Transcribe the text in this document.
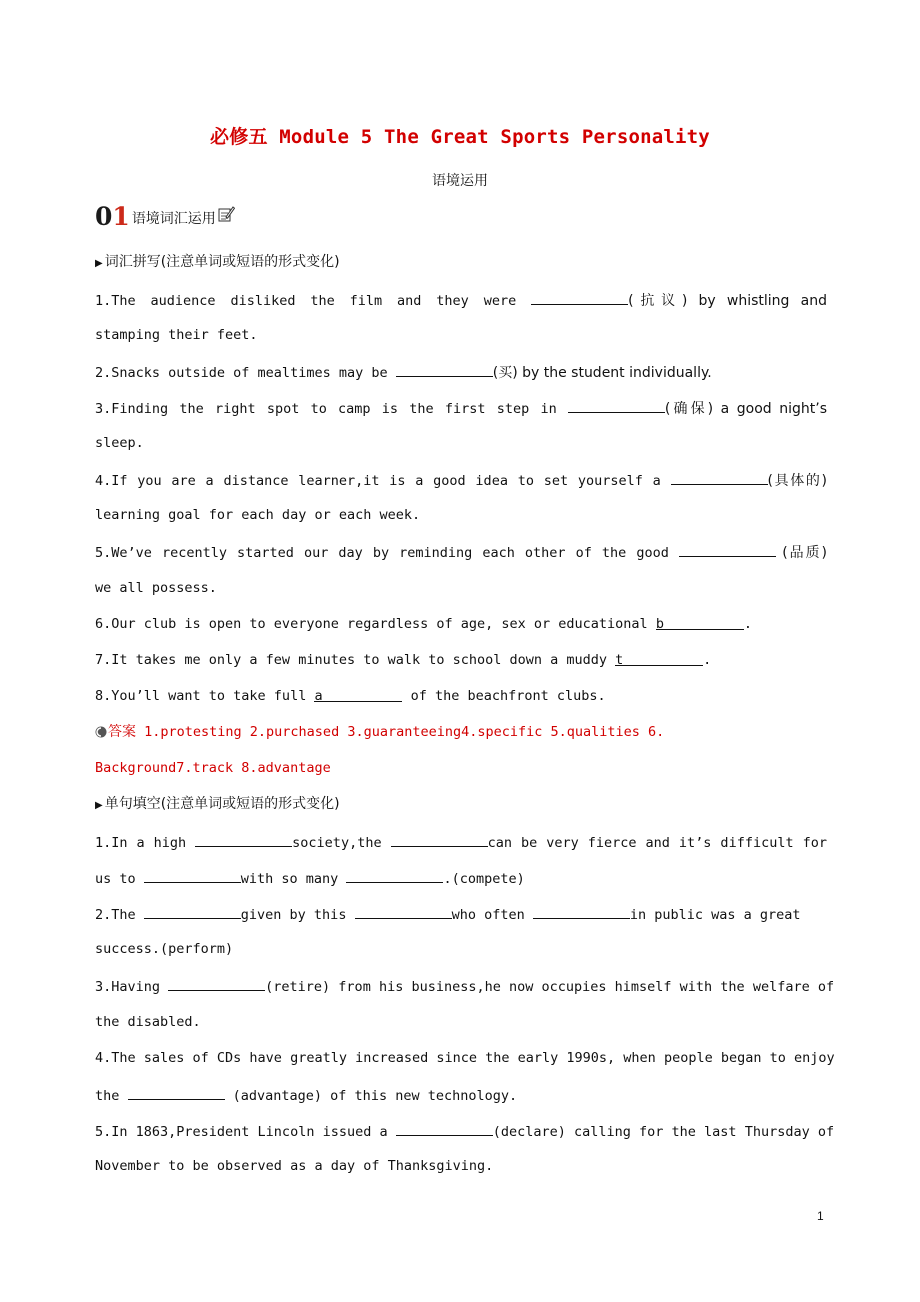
必修五 Module 5 The Great Sports Personality
语境运用
01 语境词汇运用
▶ 词汇拼写(注意单词或短语的形式变化)
1.The audience disliked the film and they were	(抗议) by whistling and
stamping their feet.
2.Snacks outside of mealtimes may be	(买) by the student individually.
3.Finding the right spot to camp is the first step in	(确保) a good night’s
sleep.
4.If you are a distance learner,it is a good idea to set yourself a	(具体的)
learning goal for each day or each week.
5.We’ve recently started our day by reminding each other of the good	(品质)
we all possess.
6.Our club is open to everyone regardless of age, sex or educational b	.
7.It takes me only a few minutes to walk to school down a muddy t	.
8.You’ll want to take full a	of the beachfront clubs.
答案 1.protesting 2.purchased 3.guaranteeing4.specific 5.qualities 6.
Background7.track 8.advantage
▶ 单句填空(注意单词或短语的形式变化)
1.In a high	society,the	can be very fierce and it’s difficult for
us to	with so many	.(compete)
2.The	given by this	who often	in public was a great
success.(perform)
3.Having	(retire) from his business,he now occupies himself with the welfare of
the disabled.
4.The sales of CDs have greatly increased since the early 1990s, when people began to enjoy
the	(advantage) of this new technology.
5.In 1863,President Lincoln issued a	(declare) calling for the last Thursday of
November to be observed as a day of Thanksgiving.
1
